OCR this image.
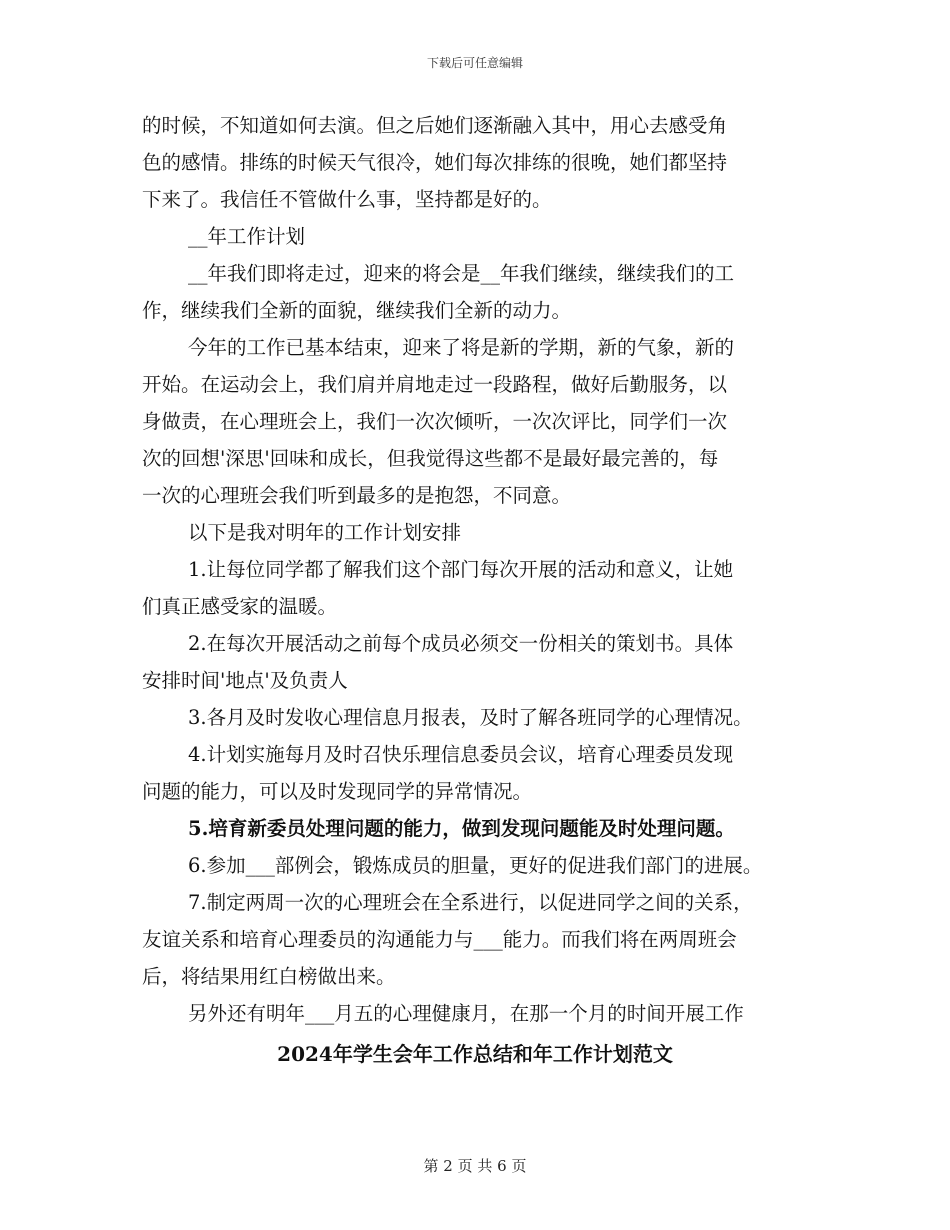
下载后可任意编辑

的时候，不知道如何去演。但之后她们逐渐融入其中，用心去感受角

色的感情。排练的时候天气很冷，她们每次排练的很晚，她们都坚持

下来了。我信任不管做什么事，坚持都是好的。

__年工作计划

__年我们即将走过，迎来的将会是__年我们继续，继续我们的工

作，继续我们全新的面貌，继续我们全新的动力。

今年的工作已基本结束，迎来了将是新的学期，新的气象，新的

开始。在运动会上，我们肩并肩地走过一段路程，做好后勤服务，以

身做责，在心理班会上，我们一次次倾听，一次次评比，同学们一次

次的回想'深思'回味和成长，但我觉得这些都不是最好最完善的，每

一次的心理班会我们听到最多的是抱怨，不同意。

以下是我对明年的工作计划安排

1.让每位同学都了解我们这个部门每次开展的活动和意义，让她

们真正感受家的温暖。

2.在每次开展活动之前每个成员必须交一份相关的策划书。具体

安排时间'地点'及负责人

3.各月及时发收心理信息月报表，及时了解各班同学的心理情况。

4.计划实施每月及时召快乐理信息委员会议，培育心理委员发现

问题的能力，可以及时发现同学的异常情况。

5.培育新委员处理问题的能力，做到发现问题能及时处理问题。

6.参加___部例会，锻炼成员的胆量，更好的促进我们部门的进展。

7.制定两周一次的心理班会在全系进行，以促进同学之间的关系，

友谊关系和培育心理委员的沟通能力与___能力。而我们将在两周班会

后，将结果用红白榜做出来。

另外还有明年___月五的心理健康月，在那一个月的时间开展工作

2024年学生会年工作总结和年工作计划范文
第 2 页 共 6 页
